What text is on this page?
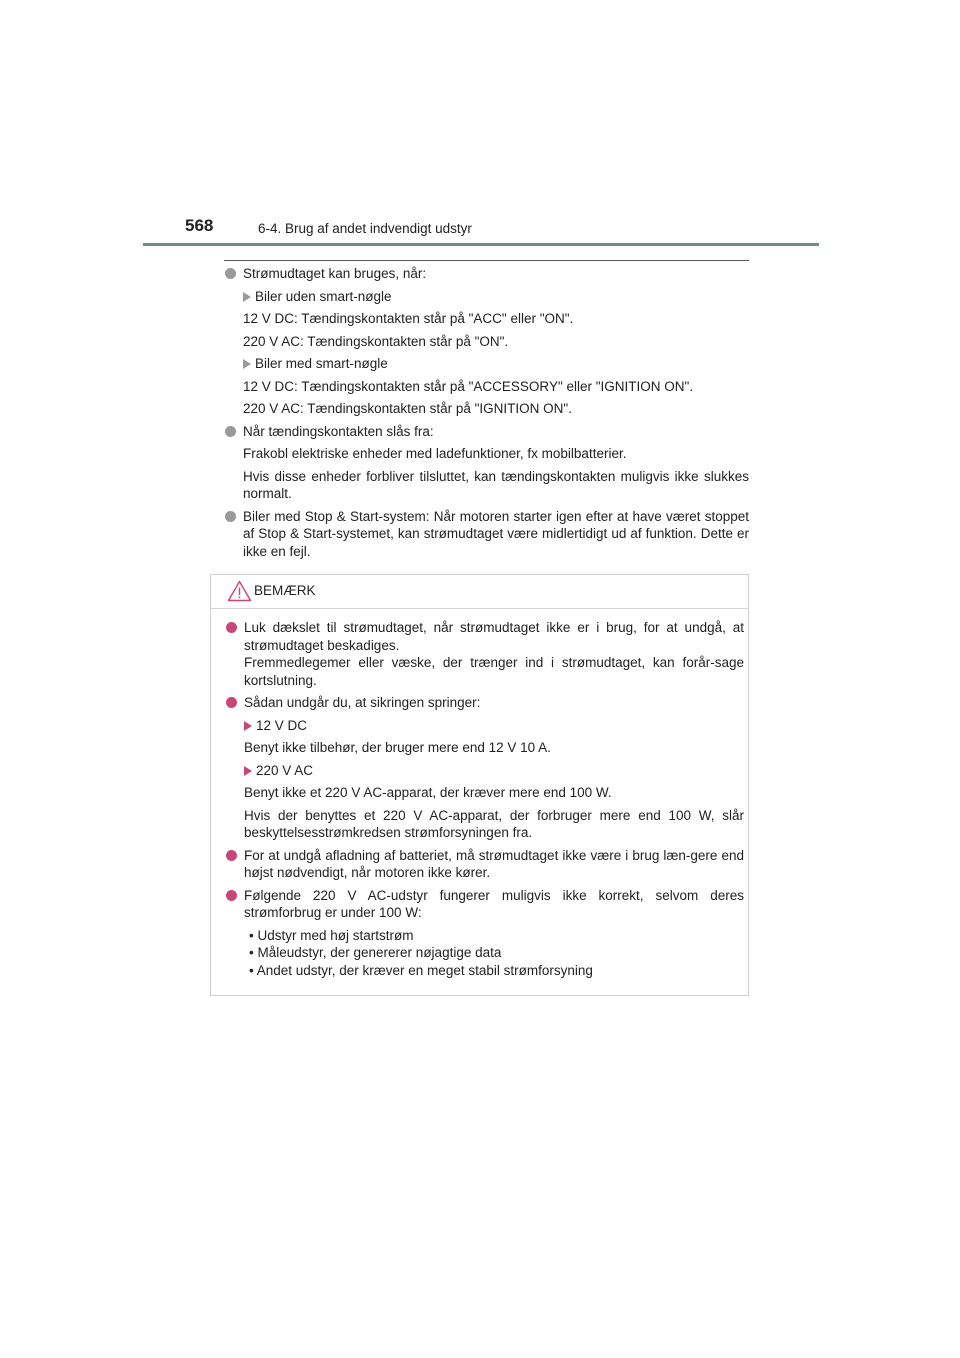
568	6-4. Brug af andet indvendigt udstyr
Strømudtaget kan bruges, når:
Biler uden smart-nøgle
12 V DC: Tændingskontakten står på "ACC" eller "ON".
220 V AC: Tændingskontakten står på "ON".
Biler med smart-nøgle
12 V DC: Tændingskontakten står på "ACCESSORY" eller "IGNITION ON".
220 V AC: Tændingskontakten står på "IGNITION ON".
Når tændingskontakten slås fra:
Frakobl elektriske enheder med ladefunktioner, fx mobilbatterier.
Hvis disse enheder forbliver tilsluttet, kan tændingskontakten muligvis ikke slukkes normalt.
Biler med Stop & Start-system: Når motoren starter igen efter at have været stoppet af Stop & Start-systemet, kan strømudtaget være midlertidigt ud af funktion. Dette er ikke en fejl.
BEMÆRK
Luk dækslet til strømudtaget, når strømudtaget ikke er i brug, for at undgå, at strømudtaget beskadiges.
Fremmedlegemer eller væske, der trænger ind i strømudtaget, kan forår-sage kortslutning.
Sådan undgår du, at sikringen springer:
12 V DC
Benyt ikke tilbehør, der bruger mere end 12 V 10 A.
220 V AC
Benyt ikke et 220 V AC-apparat, der kræver mere end 100 W.
Hvis der benyttes et 220 V AC-apparat, der forbruger mere end 100 W, slår beskyttelsesstrømkredsen strømforsyningen fra.
For at undgå afladning af batteriet, må strømudtaget ikke være i brug læn-gere end højst nødvendigt, når motoren ikke kører.
Følgende 220 V AC-udstyr fungerer muligvis ikke korrekt, selvom deres strømforbrug er under 100 W:
• Udstyr med høj startstrøm
• Måleudstyr, der genererer nøjagtige data
• Andet udstyr, der kræver en meget stabil strømforsyning
